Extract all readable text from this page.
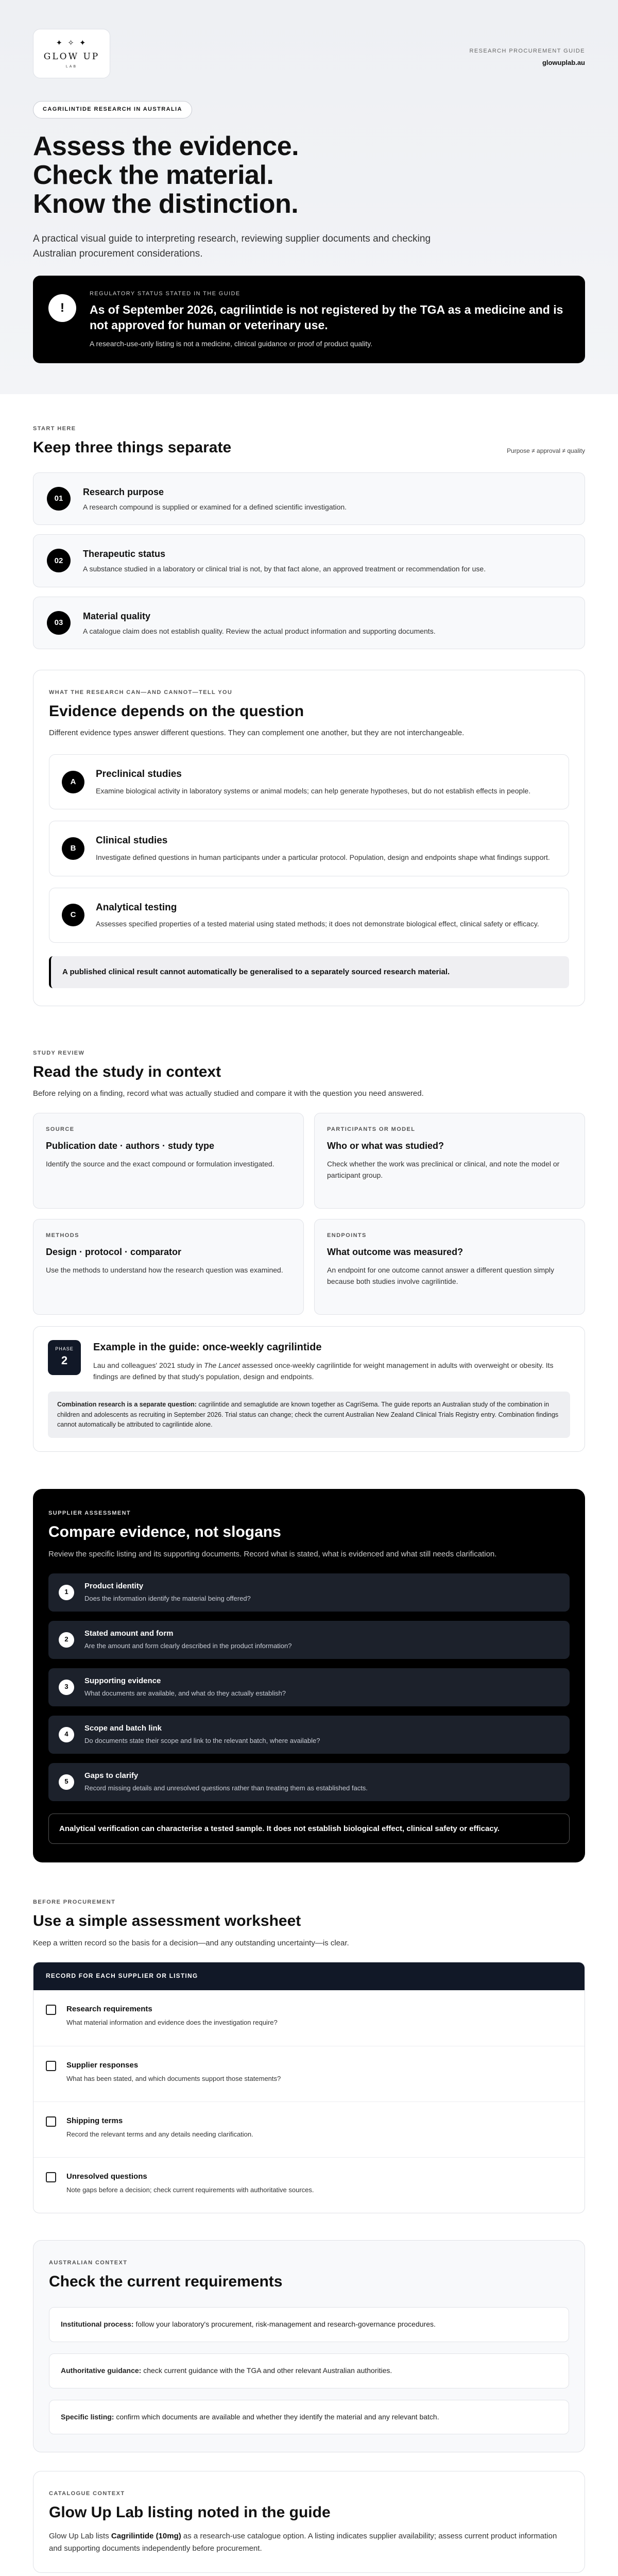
✦ ✧ ✦
GLOW UP
LAB
RESEARCH PROCUREMENT GUIDE
glowuplab.au
CAGRILINTIDE RESEARCH IN AUSTRALIA
Assess the evidence.
Check the material.
Know the distinction.

A practical visual guide to interpreting research, reviewing supplier documents and checking Australian procurement considerations.

!
REGULATORY STATUS STATED IN THE GUIDE
As of September 2026, cagrilintide is not registered by the TGA as a medicine and is not approved for human or veterinary use.
A research-use-only listing is not a medicine, clinical guidance or proof of product quality.
START HERE
Keep three things separate	Purpose ≠ approval ≠ quality
01
Research purpose
A research compound is supplied or examined for a defined scientific investigation.
02
Therapeutic status
A substance studied in a laboratory or clinical trial is not, by that fact alone, an approved treatment or recommendation for use.
03
Material quality
A catalogue claim does not establish quality. Review the actual product information and supporting documents.
WHAT THE RESEARCH CAN—AND CANNOT—TELL YOU
Evidence depends on the question

Different evidence types answer different questions. They can complement one another, but they are not interchangeable.

A
Preclinical studies
Examine biological activity in laboratory systems or animal models; can help generate hypotheses, but do not establish effects in people.
B
Clinical studies
Investigate defined questions in human participants under a particular protocol. Population, design and endpoints shape what findings support.
C
Analytical testing
Assesses specified properties of a tested material using stated methods; it does not demonstrate biological effect, clinical safety or efficacy.
A published clinical result cannot automatically be generalised to a separately sourced research material.
STUDY REVIEW
Read the study in context

Before relying on a finding, record what was actually studied and compare it with the question you need answered.

SOURCE
Publication date · authors · study type
Identify the source and the exact compound or formulation investigated.
PARTICIPANTS OR MODEL
Who or what was studied?
Check whether the work was preclinical or clinical, and note the model or participant group.
METHODS
Design · protocol · comparator
Use the methods to understand how the research question was examined.
ENDPOINTS
What outcome was measured?
An endpoint for one outcome cannot answer a different question simply because both studies involve cagrilintide.
PHASE
2
Example in the guide: once-weekly cagrilintide
Lau and colleagues' 2021 study in The Lancet assessed once-weekly cagrilintide for weight management in adults with overweight or obesity. Its findings are defined by that study's population, design and endpoints.
Combination research is a separate question: cagrilintide and semaglutide are known together as CagriSema. The guide reports an Australian study of the combination in children and adolescents as recruiting in September 2026. Trial status can change; check the current Australian New Zealand Clinical Trials Registry entry. Combination findings cannot automatically be attributed to cagrilintide alone.
SUPPLIER ASSESSMENT
Compare evidence, not slogans

Review the specific listing and its supporting documents. Record what is stated, what is evidenced and what still needs clarification.

1
Product identity
Does the information identify the material being offered?
2
Stated amount and form
Are the amount and form clearly described in the product information?
3
Supporting evidence
What documents are available, and what do they actually establish?
4
Scope and batch link
Do documents state their scope and link to the relevant batch, where available?
5
Gaps to clarify
Record missing details and unresolved questions rather than treating them as established facts.
Analytical verification can characterise a tested sample. It does not establish biological effect, clinical safety or efficacy.
BEFORE PROCUREMENT
Use a simple assessment worksheet

Keep a written record so the basis for a decision—and any outstanding uncertainty—is clear.

RECORD FOR EACH SUPPLIER OR LISTING
Research requirements
What material information and evidence does the investigation require?
Supplier responses
What has been stated, and which documents support those statements?
Shipping terms
Record the relevant terms and any details needing clarification.
Unresolved questions
Note gaps before a decision; check current requirements with authoritative sources.
AUSTRALIAN CONTEXT
Check the current requirements
Institutional process: follow your laboratory's procurement, risk-management and research-governance procedures.
Authoritative guidance: check current guidance with the TGA and other relevant Australian authorities.
Specific listing: confirm which documents are available and whether they identify the material and any relevant batch.
CATALOGUE CONTEXT
Glow Up Lab listing noted in the guide

Glow Up Lab lists Cagrilintide (10mg) as a research-use catalogue option. A listing indicates supplier availability; assess current product information and supporting documents independently before procurement.
